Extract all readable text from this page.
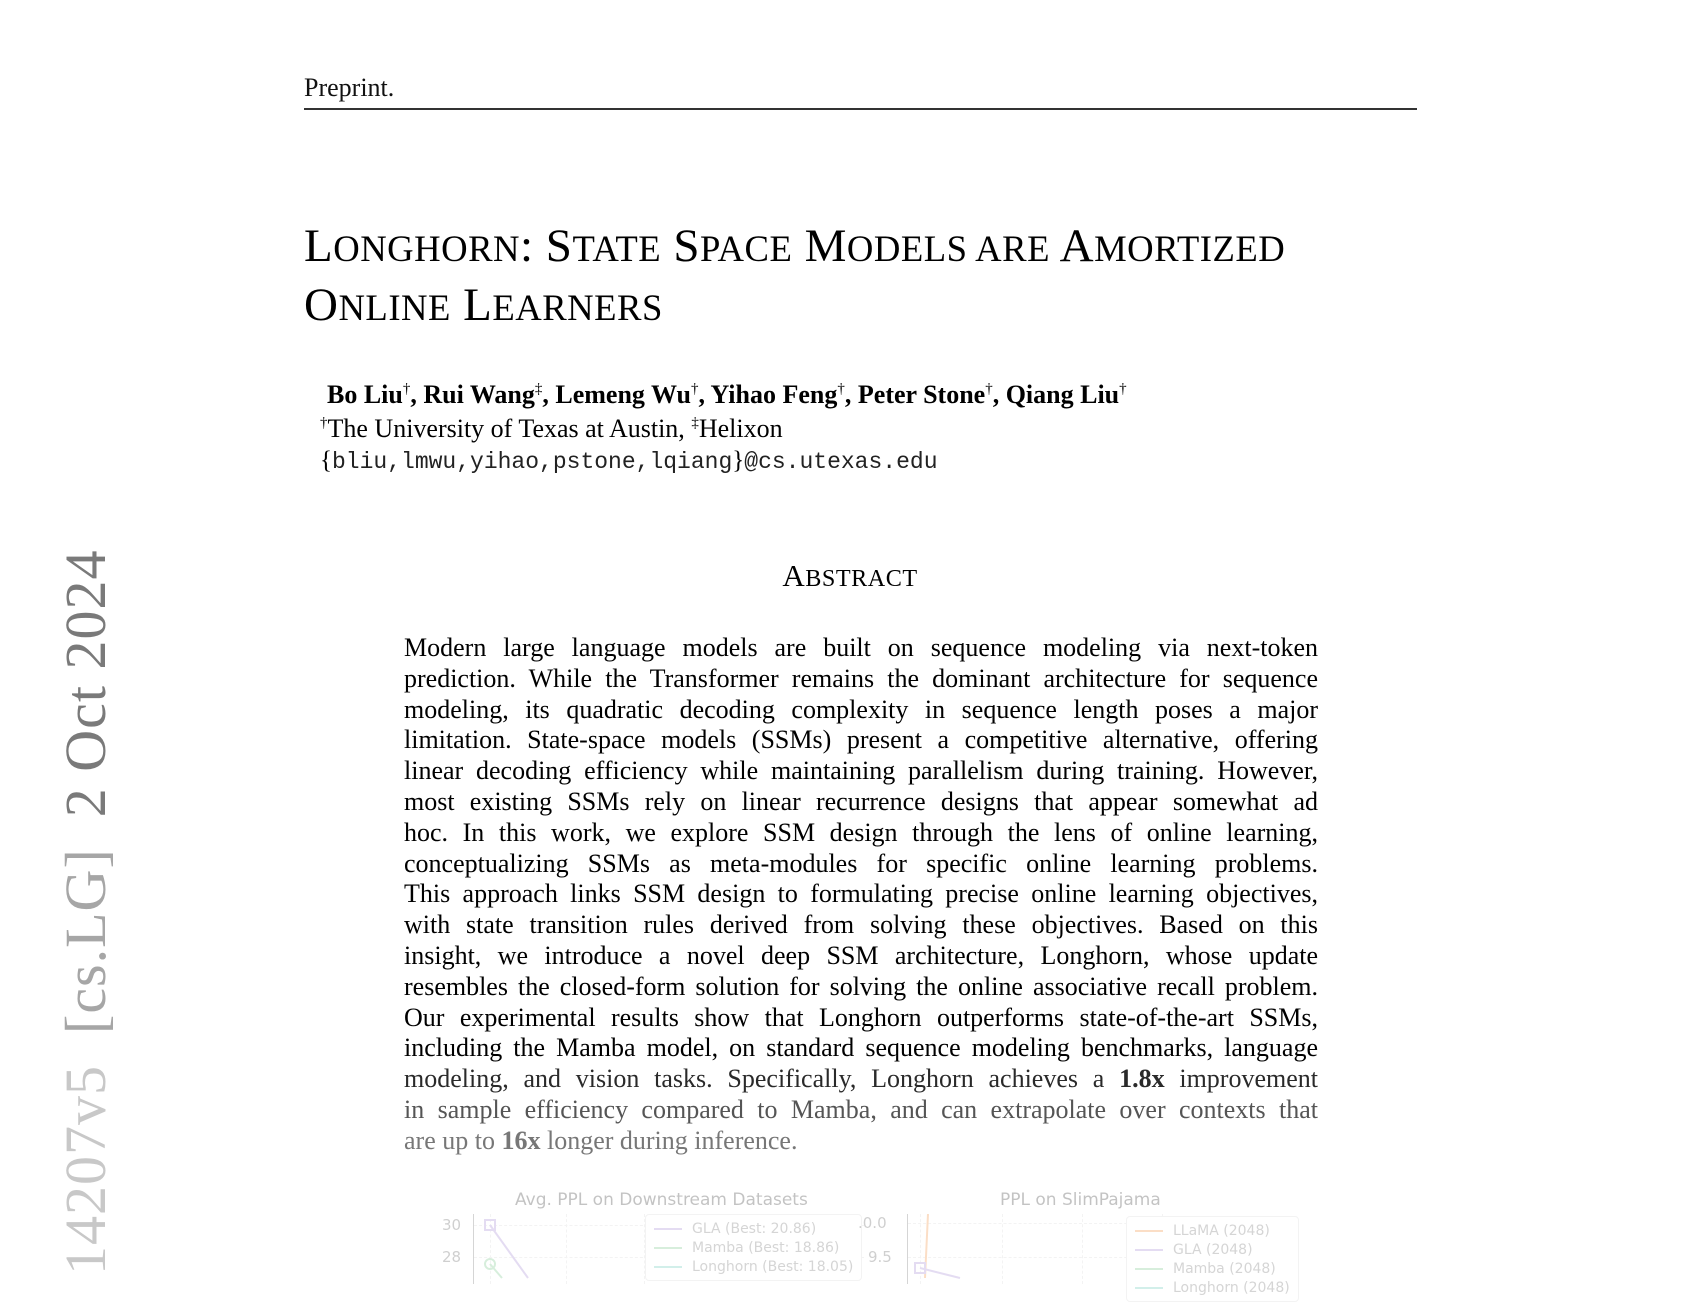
Preprint.
LONGHORN: STATE SPACE MODELS ARE AMORTIZED
ONLINE LEARNERS
Bo Liu†, Rui Wang‡, Lemeng Wu†, Yihao Feng†, Peter Stone†, Qiang Liu†
†The University of Texas at Austin, ‡Helixon
{bliu,lmwu,yihao,pstone,lqiang}@cs.utexas.edu
ABSTRACT
Modern large language models are built on sequence modeling via next-token
prediction. While the Transformer remains the dominant architecture for sequence
modeling, its quadratic decoding complexity in sequence length poses a major
limitation. State-space models (SSMs) present a competitive alternative, offering
linear decoding efficiency while maintaining parallelism during training. However,
most existing SSMs rely on linear recurrence designs that appear somewhat ad
hoc. In this work, we explore SSM design through the lens of online learning,
conceptualizing SSMs as meta-modules for specific online learning problems.
This approach links SSM design to formulating precise online learning objectives,
with state transition rules derived from solving these objectives. Based on this
insight, we introduce a novel deep SSM architecture, Longhorn, whose update
resembles the closed-form solution for solving the online associative recall problem.
Our experimental results show that Longhorn outperforms state-of-the-art SSMs,
including the Mamba model, on standard sequence modeling benchmarks, language
modeling, and vision tasks. Specifically, Longhorn achieves a 1.8x improvement
in sample efficiency compared to Mamba, and can extrapolate over contexts that
are up to 16x longer during inference.
14207v5  [cs.LG]  2 Oct 2024
Avg. PPL on Downstream Datasets
30
28
GLA (Best: 20.86)
Mamba (Best: 18.86)
Longhorn (Best: 18.05)
PPL on SlimPajama
.0.0
9.5
LLaMA (2048)
GLA (2048)
Mamba (2048)
Longhorn (2048)
